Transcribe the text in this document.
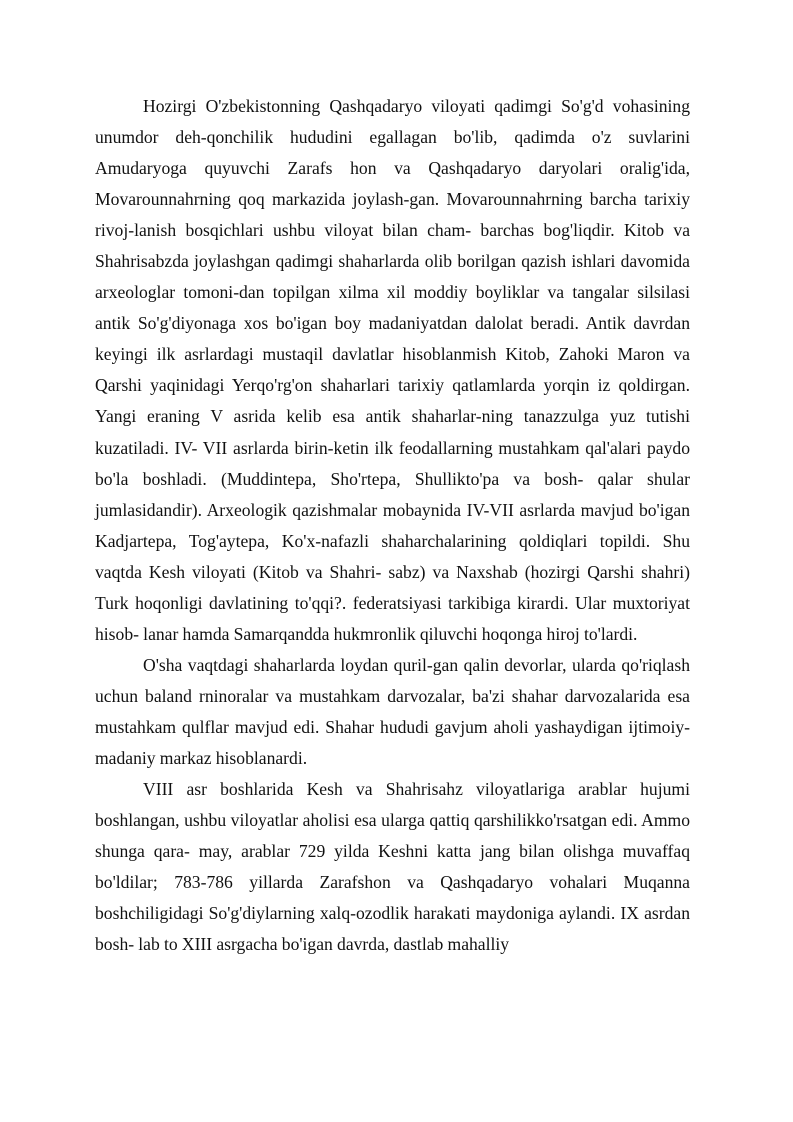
Hozirgi O'zbekistonning Qashqadaryo viloyati qadimgi So'g'd vohasining unumdor deh-qonchilik hududini egallagan bo'lib, qadimda o'z suvlarini Amudaryoga quyuvchi Zarafs hon va Qashqadaryo daryolari oralig'ida, Movarounnahrning qoq markazida joylash-gan. Movarounnahrning barcha tarixiy rivoj-lanish bosqichlari ushbu viloyat bilan cham- barchas bog'liqdir. Kitob va Shahrisabzda joylashgan qadimgi shaharlarda olib borilgan qazish ishlari davomida arxeologlar tomoni-dan topilgan xilma xil moddiy boyliklar va tangalar silsilasi antik So'g'diyonaga xos bo'igan boy madaniyatdan dalolat beradi. Antik davrdan keyingi ilk asrlardagi mustaqil davlatlar hisoblanmish Kitob, Zahoki Maron va Qarshi yaqinidagi Yerqo'rg'on shaharlari tarixiy qatlamlarda yorqin iz qoldirgan. Yangi eraning V asrida kelib esa antik shaharlar-ning tanazzulga yuz tutishi kuzatiladi. IV- VII asrlarda birin-ketin ilk feodallarning mustahkam qal'alari paydo bo'la boshladi. (Muddintepa, Sho'rtepa, Shullikto'pa va bosh- qalar shular jumlasidandir). Arxeologik qazishmalar mobaynida IV-VII asrlarda mavjud bo'igan Kadjartepa, Tog'aytepa, Ko'x-nafazli shaharchalarining qoldiqlari topildi. Shu vaqtda Kesh viloyati (Kitob va Shahri- sabz) va Naxshab (hozirgi Qarshi shahri) Turk hoqonligi davlatining to'qqi?. federatsiyasi tarkibiga kirardi. Ular muxtoriyat hisob- lanar hamda Samarqandda hukmronlik qiluvchi hoqonga hiroj to'lardi.

O'sha vaqtdagi shaharlarda loydan quril-gan qalin devorlar, ularda qo'riqlash uchun baland rninoralar va mustahkam darvozalar, ba'zi shahar darvozalarida esa mustahkam qulflar mavjud edi. Shahar hududi gavjum aholi yashaydigan ijtimoiy-madaniy markaz hisoblanardi.

VIII asr boshlarida Kesh va Shahrisahz viloyatlariga arablar hujumi boshlangan, ushbu viloyatlar aholisi esa ularga qattiq qarshilikko'rsatgan edi. Ammo shunga qara- may, arablar 729 yilda Keshni katta jang bilan olishga muvaffaq bo'ldilar; 783-786 yillarda Zarafshon va Qashqadaryo vohalari Muqanna boshchiligidagi So'g'diylarning xalq-ozodlik harakati maydoniga aylandi. IX asrdan bosh- lab to XIII asrgacha bo'igan davrda, dastlab mahalliy
